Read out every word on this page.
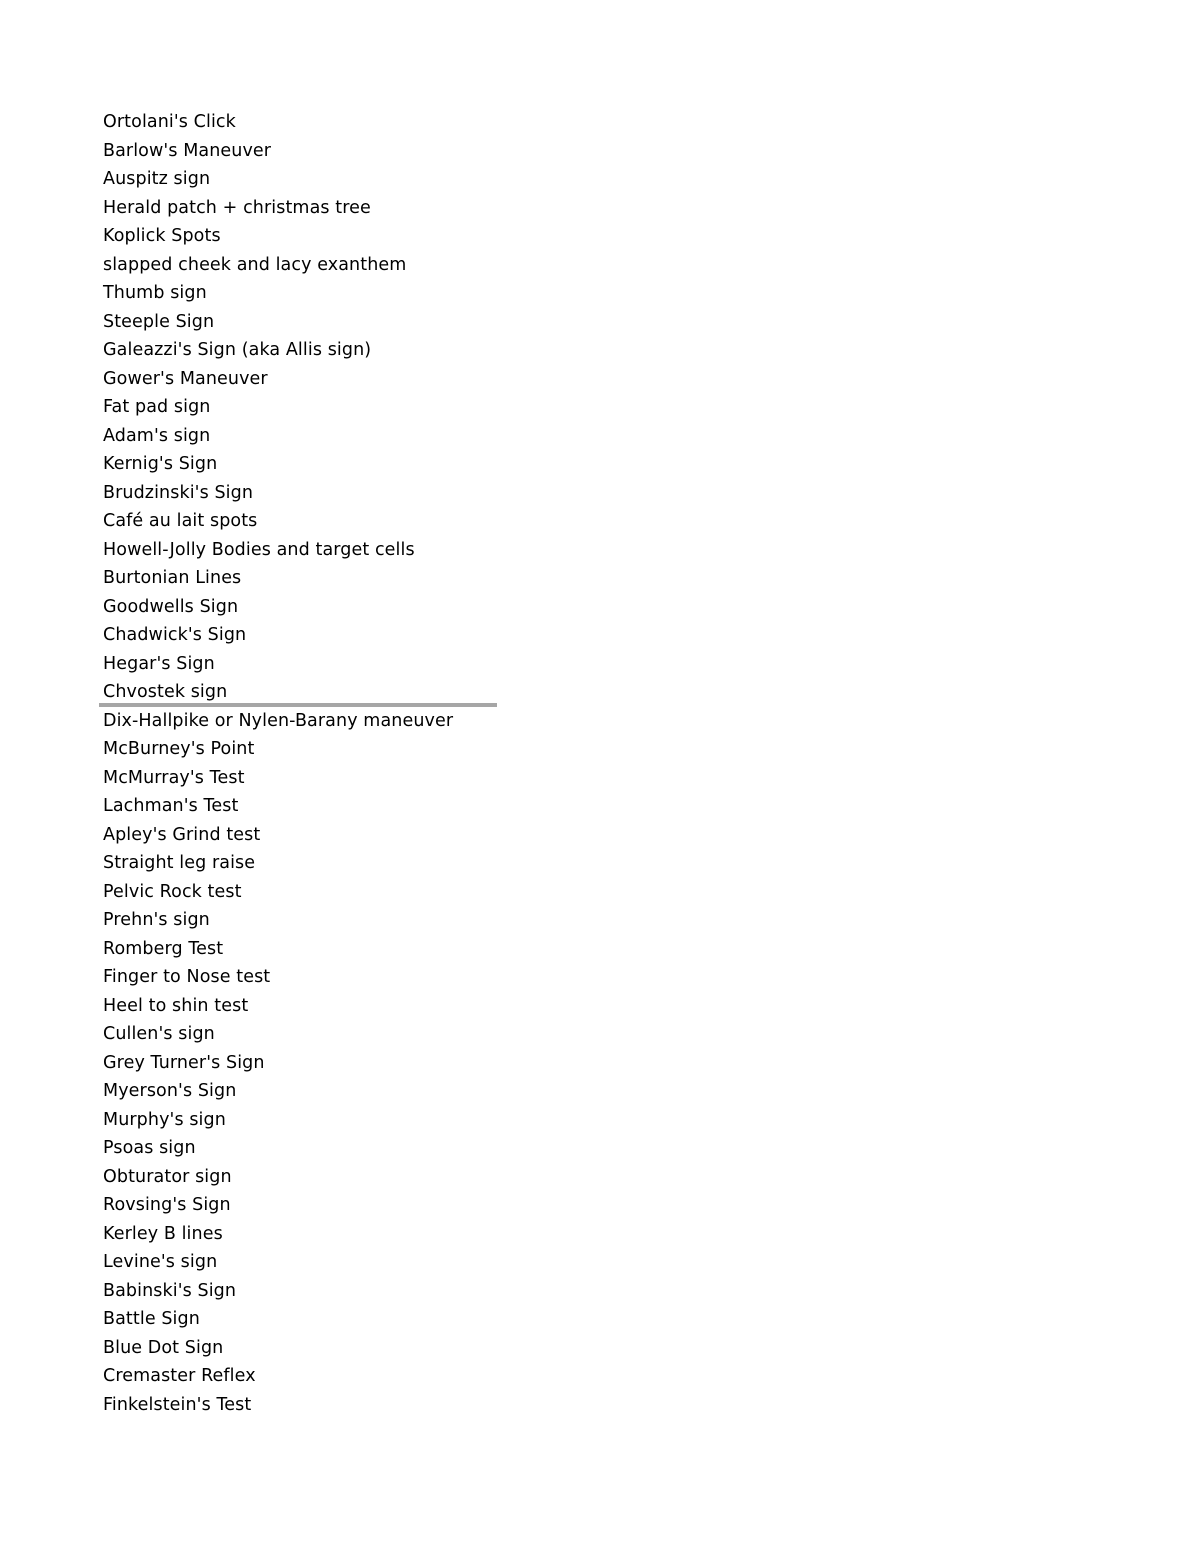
Ortolani's Click
Barlow's Maneuver
Auspitz sign
Herald patch + christmas tree
Koplick Spots
slapped cheek and lacy exanthem
Thumb sign
Steeple Sign
Galeazzi's Sign (aka Allis sign)
Gower's Maneuver
Fat pad sign
Adam's sign
Kernig's Sign
Brudzinski's Sign
Café au lait spots
Howell-Jolly Bodies and target cells
Burtonian Lines
Goodwells Sign
Chadwick's Sign
Hegar's Sign
Chvostek sign
Dix-Hallpike or Nylen-Barany maneuver
McBurney's Point
McMurray's Test
Lachman's Test
Apley's Grind test
Straight leg raise
Pelvic Rock test
Prehn's sign
Romberg Test
Finger to Nose test
Heel to shin test
Cullen's sign
Grey Turner's Sign
Myerson's Sign
Murphy's sign
Psoas sign
Obturator sign
Rovsing's Sign
Kerley B lines
Levine's sign
Babinski's Sign
Battle Sign
Blue Dot Sign
Cremaster Reflex
Finkelstein's Test
